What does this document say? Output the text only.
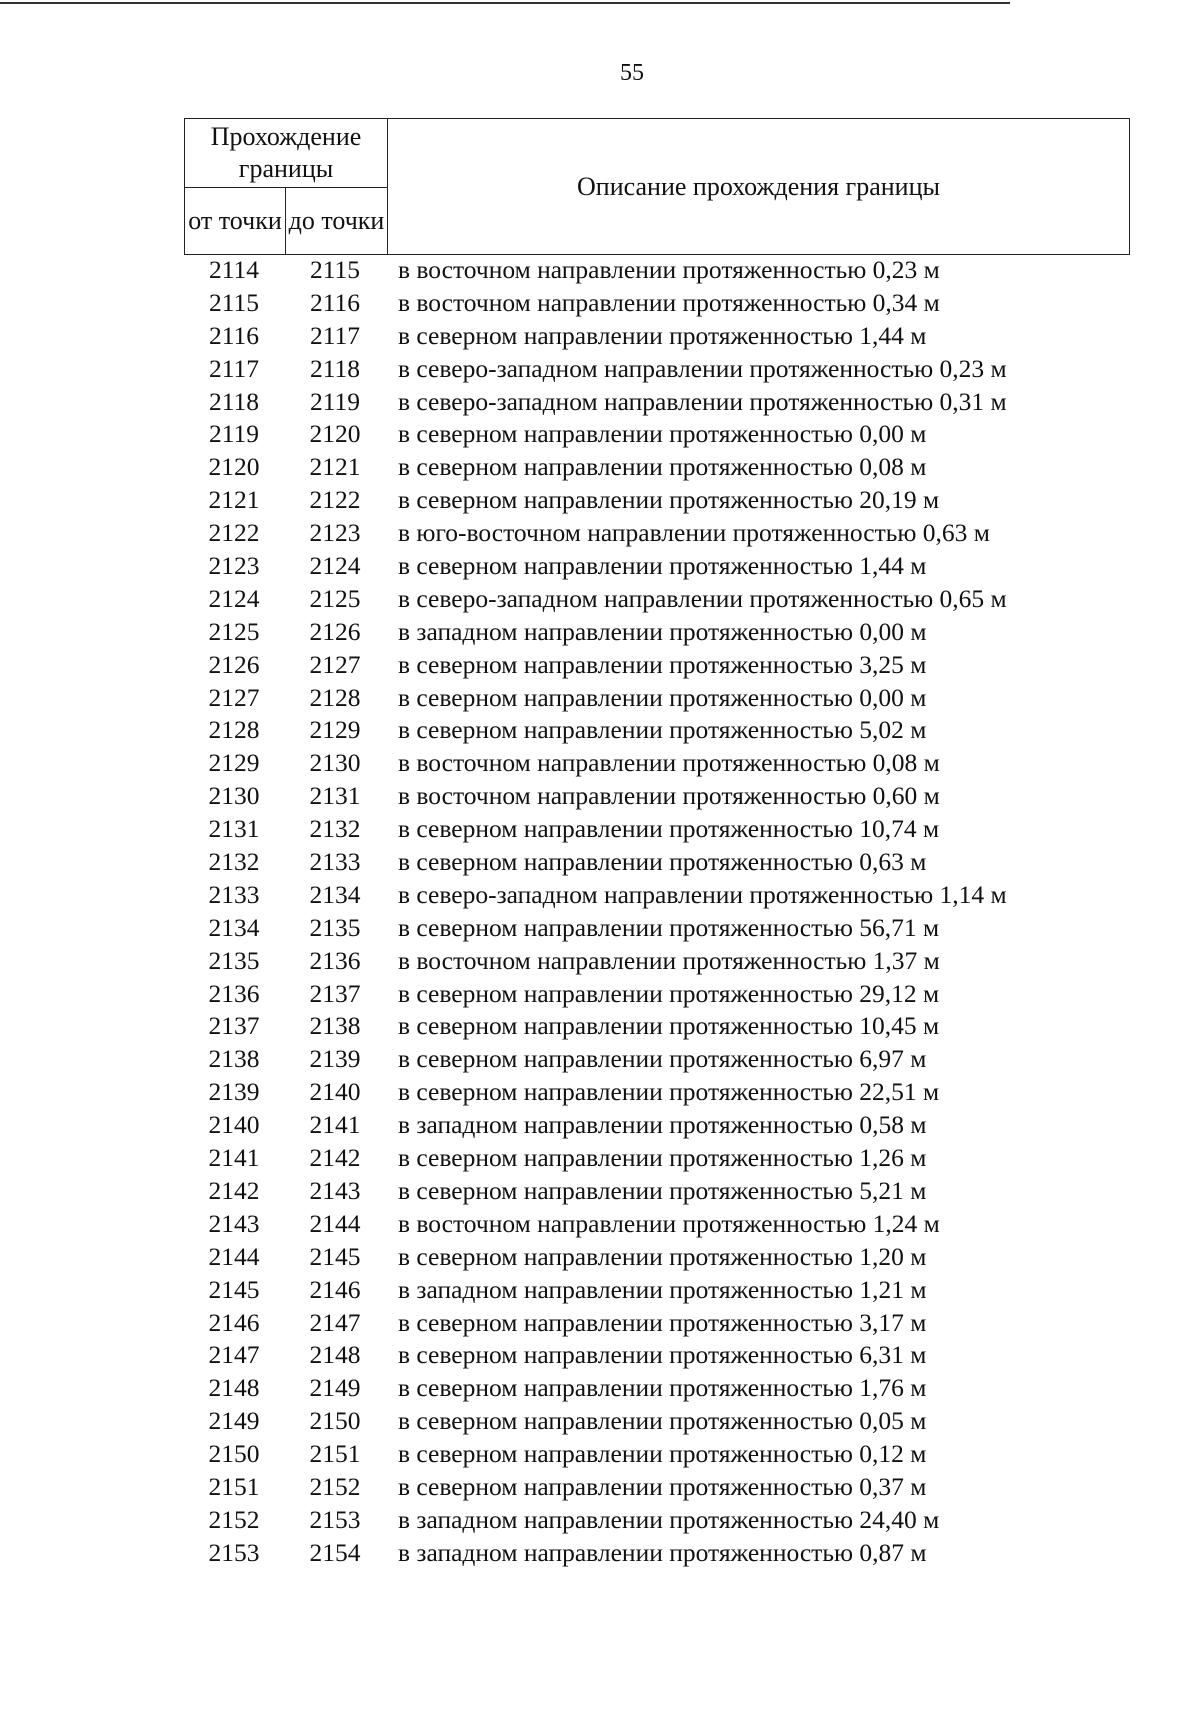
55
Прохождение границы		Описание прохождения границы
от точки	до точки	
2114	2115	в восточном направлении протяженностью 0,23 м
2115	2116	в восточном направлении протяженностью 0,34 м
2116	2117	в северном направлении протяженностью 1,44 м
2117	2118	в северо-западном направлении протяженностью 0,23 м
2118	2119	в северо-западном направлении протяженностью 0,31 м
2119	2120	в северном направлении протяженностью 0,00 м
2120	2121	в северном направлении протяженностью 0,08 м
2121	2122	в северном направлении протяженностью 20,19 м
2122	2123	в юго-восточном направлении протяженностью 0,63 м
2123	2124	в северном направлении протяженностью 1,44 м
2124	2125	в северо-западном направлении протяженностью 0,65 м
2125	2126	в западном направлении протяженностью 0,00 м
2126	2127	в северном направлении протяженностью 3,25 м
2127	2128	в северном направлении протяженностью 0,00 м
2128	2129	в северном направлении протяженностью 5,02 м
2129	2130	в восточном направлении протяженностью 0,08 м
2130	2131	в восточном направлении протяженностью 0,60 м
2131	2132	в северном направлении протяженностью 10,74 м
2132	2133	в северном направлении протяженностью 0,63 м
2133	2134	в северо-западном направлении протяженностью 1,14 м
2134	2135	в северном направлении протяженностью 56,71 м
2135	2136	в восточном направлении протяженностью 1,37 м
2136	2137	в северном направлении протяженностью 29,12 м
2137	2138	в северном направлении протяженностью 10,45 м
2138	2139	в северном направлении протяженностью 6,97 м
2139	2140	в северном направлении протяженностью 22,51 м
2140	2141	в западном направлении протяженностью 0,58 м
2141	2142	в северном направлении протяженностью 1,26 м
2142	2143	в северном направлении протяженностью 5,21 м
2143	2144	в восточном направлении протяженностью 1,24 м
2144	2145	в северном направлении протяженностью 1,20 м
2145	2146	в западном направлении протяженностью 1,21 м
2146	2147	в северном направлении протяженностью 3,17 м
2147	2148	в северном направлении протяженностью 6,31 м
2148	2149	в северном направлении протяженностью 1,76 м
2149	2150	в северном направлении протяженностью 0,05 м
2150	2151	в северном направлении протяженностью 0,12 м
2151	2152	в северном направлении протяженностью 0,37 м
2152	2153	в западном направлении протяженностью 24,40 м
2153	2154	в западном направлении протяженностью 0,87 м
